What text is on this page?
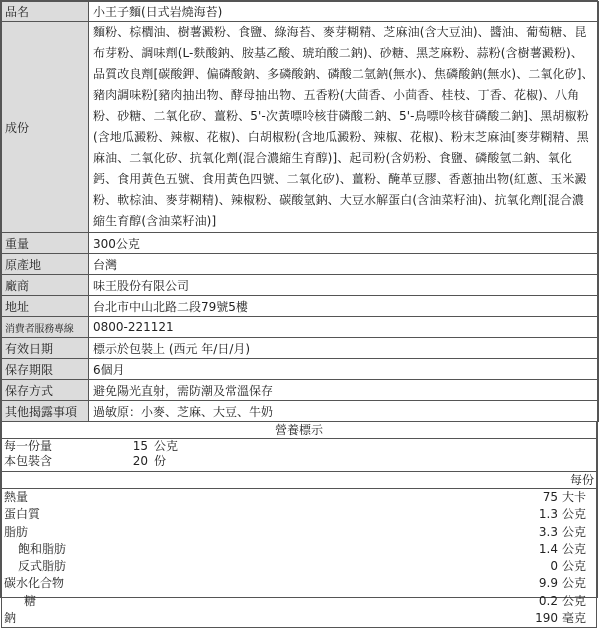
品名	小王子麵(日式岩燒海苔)
成份	麵粉、棕櫚油、樹薯澱粉、食鹽、綠海苔、麥芽糊精、芝麻油(含大豆油)、醬油、葡萄糖、昆布芽粉、調味劑(L-麩酸鈉、胺基乙酸、琥珀酸二鈉)、砂糖、黑芝麻粉、蒜粉(含樹薯澱粉)、品質改良劑[碳酸鉀、偏磷酸鈉、多磷酸鈉、磷酸二氫鈉(無水)、焦磷酸鈉(無水)、二氧化矽]、豬肉調味粉[豬肉抽出物、酵母抽出物、五香粉(大茴香、小茴香、桂枝、丁香、花椒)、八角粉、砂糖、二氧化矽、薑粉、5'-次黃嘌呤核苷磷酸二鈉、5'-鳥嘌呤核苷磷酸二鈉]、黑胡椒粉(含地瓜澱粉、辣椒、花椒)、白胡椒粉(含地瓜澱粉、辣椒、花椒)、粉末芝麻油[麥芽糊精、黑麻油、二氧化矽、抗氧化劑(混合濃縮生育醇)]、起司粉(含奶粉、食鹽、磷酸氫二鈉、氧化鈣、食用黃色五號、食用黃色四號、二氧化矽)、薑粉、醃革豆膠、香蔥抽出物(紅蔥、玉米澱粉、軟棕油、麥芽糊精)、辣椒粉、碳酸氫鈉、大豆水解蛋白(含油菜籽油)、抗氧化劑[混合濃縮生育醇(含油菜籽油)]
重量	300公克
原產地	台灣
廠商	味王股份有限公司
地址	台北市中山北路二段79號5樓
消費者服務專線	0800-221121
有效日期	標示於包裝上 (西元 年/日/月)
保存期限	6個月
保存方式	避免陽光直射，需防潮及常溫保存
其他揭露事項	過敏原：小麥、芝麻、大豆、牛奶
營養標示
每一份量	15 公克
本包裝含	20 份
每份
熱量	75 大卡
蛋白質	1.3 公克
脂肪	3.3 公克
飽和脂肪	1.4 公克
反式脂肪	0 公克
碳水化合物	9.9 公克
糖	0.2 公克
鈉	190 毫克
